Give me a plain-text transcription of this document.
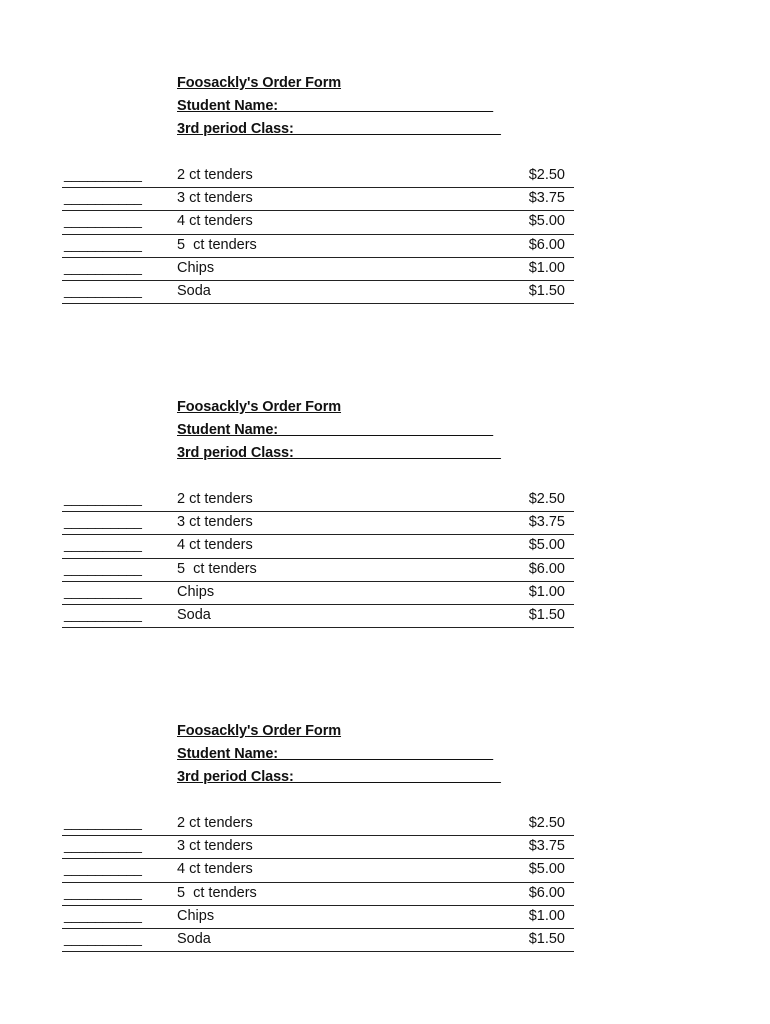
Foosackly's Order Form
Student Name:___________________________
3rd period Class:__________________________
__________ 2 ct tenders	$2.50
__________ 3 ct tenders	$3.75
__________ 4 ct tenders	$5.00
__________ 5  ct tenders	$6.00
__________ Chips	$1.00
__________ Soda	$1.50
Foosackly's Order Form
Student Name:___________________________
3rd period Class:__________________________
__________ 2 ct tenders	$2.50
__________ 3 ct tenders	$3.75
__________ 4 ct tenders	$5.00
__________ 5  ct tenders	$6.00
__________ Chips	$1.00
__________ Soda	$1.50
Foosackly's Order Form
Student Name:___________________________
3rd period Class:__________________________
__________ 2 ct tenders	$2.50
__________ 3 ct tenders	$3.75
__________ 4 ct tenders	$5.00
__________ 5  ct tenders	$6.00
__________ Chips	$1.00
__________ Soda	$1.50
